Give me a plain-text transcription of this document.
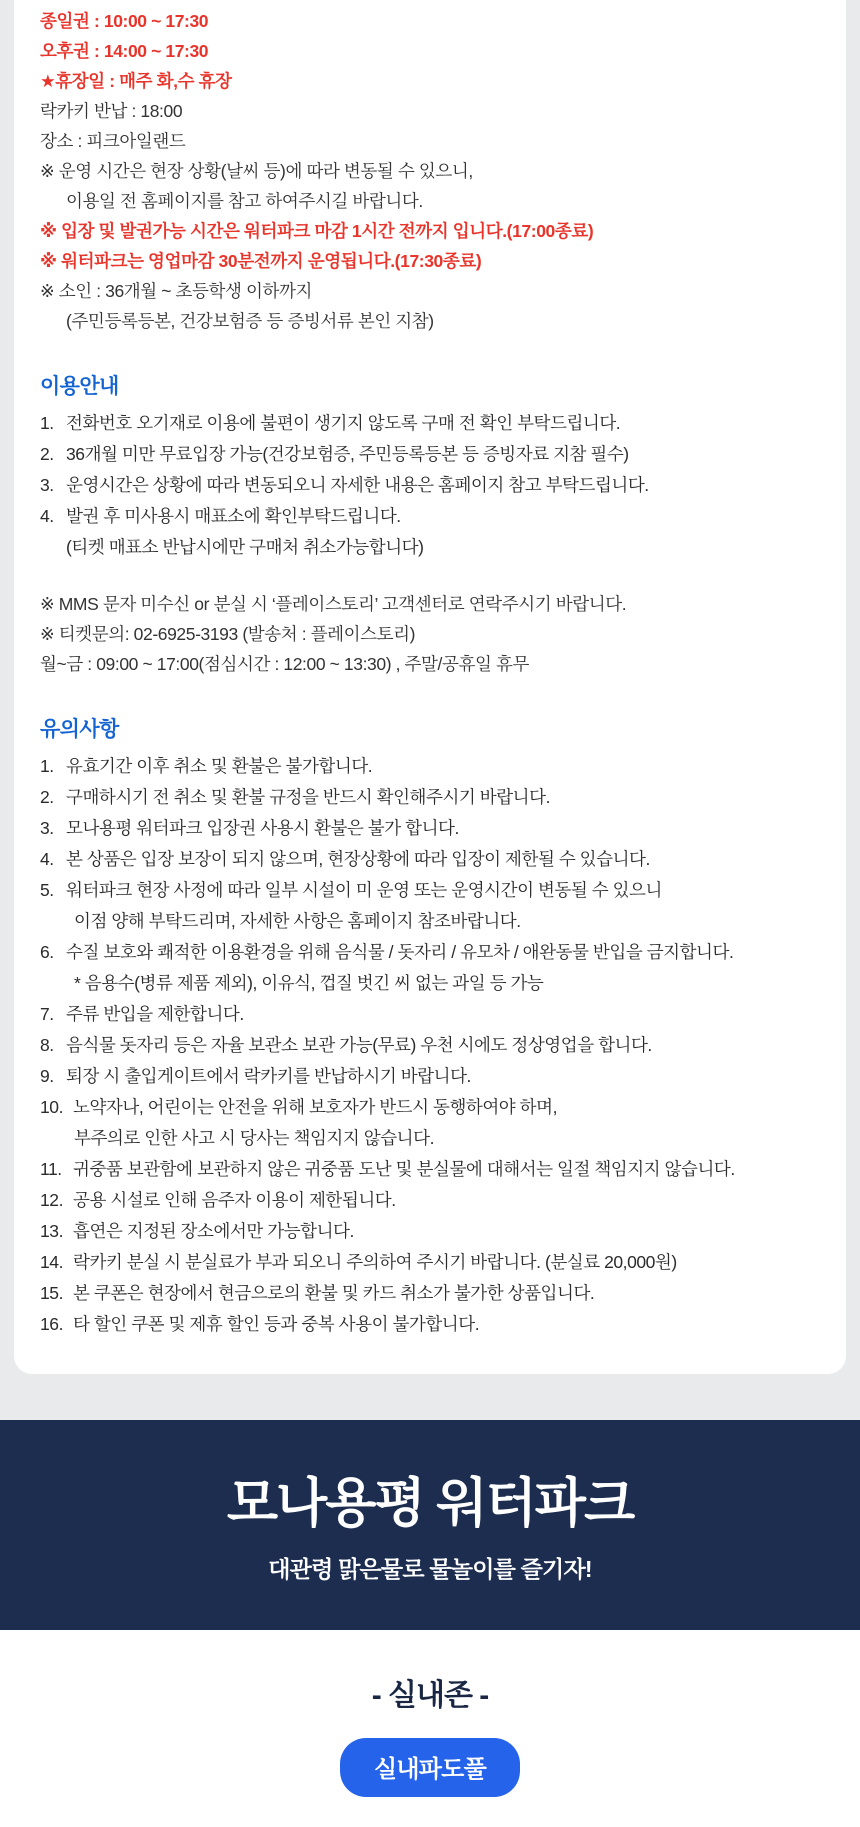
종일권 : 10:00 ~ 17:30
오후권 : 14:00 ~ 17:30
★휴장일 : 매주 화,수 휴장
락카키 반납 : 18:00
장소 : 피크아일랜드
※ 운영 시간은 현장 상황(날씨 등)에 따라 변동될 수 있으니,
이용일 전 홈페이지를 참고 하여주시길 바랍니다.
※ 입장 및 발권가능 시간은 워터파크 마감 1시간 전까지 입니다.(17:00종료)
※ 워터파크는 영업마감 30분전까지 운영됩니다.(17:30종료)
※ 소인 : 36개월 ~ 초등학생 이하까지
(주민등록등본, 건강보험증 등 증빙서류 본인 지참)
이용안내
1. 전화번호 오기재로 이용에 불편이 생기지 않도록 구매 전 확인 부탁드립니다.
2. 36개월 미만 무료입장 가능(건강보험증, 주민등록등본 등 증빙자료 지참 필수)
3. 운영시간은 상황에 따라 변동되오니 자세한 내용은 홈페이지 참고 부탁드립니다.
4. 발권 후 미사용시 매표소에 확인부탁드립니다.
(티켓 매표소 반납시에만 구매처 취소가능합니다)
※ MMS 문자 미수신 or 분실 시 ‘플레이스토리’ 고객센터로 연락주시기 바랍니다.
※ 티켓문의: 02-6925-3193 (발송처 : 플레이스토리)
월~금 : 09:00 ~ 17:00(점심시간 : 12:00 ~ 13:30) , 주말/공휴일 휴무
유의사항
1. 유효기간 이후 취소 및 환불은 불가합니다.
2. 구매하시기 전 취소 및 환불 규정을 반드시 확인해주시기 바랍니다.
3. 모나용평 워터파크 입장권 사용시 환불은 불가 합니다.
4. 본 상품은 입장 보장이 되지 않으며, 현장상황에 따라 입장이 제한될 수 있습니다.
5. 워터파크 현장 사정에 따라 일부 시설이 미 운영 또는 운영시간이 변동될 수 있으니
이점 양해 부탁드리며, 자세한 사항은 홈페이지 참조바랍니다.
6. 수질 보호와 쾌적한 이용환경을 위해 음식물 / 돗자리 / 유모차 / 애완동물 반입을 금지합니다.
* 음용수(병류 제품 제외), 이유식, 껍질 벗긴 씨 없는 과일 등 가능
7. 주류 반입을 제한합니다.
8. 음식물 돗자리 등은 자율 보관소 보관 가능(무료) 우천 시에도 정상영업을 합니다.
9. 퇴장 시 출입게이트에서 락카키를 반납하시기 바랍니다.
10. 노약자나, 어린이는 안전을 위해 보호자가 반드시 동행하여야 하며,
부주의로 인한 사고 시 당사는 책임지지 않습니다.
11. 귀중품 보관함에 보관하지 않은 귀중품 도난 및 분실물에 대해서는 일절 책임지지 않습니다.
12. 공용 시설로 인해 음주자 이용이 제한됩니다.
13. 흡연은 지정된 장소에서만 가능합니다.
14. 락카키 분실 시 분실료가 부과 되오니 주의하여 주시기 바랍니다. (분실료 20,000원)
15. 본 쿠폰은 현장에서 현금으로의 환불 및 카드 취소가 불가한 상품입니다.
16. 타 할인 쿠폰 및 제휴 할인 등과 중복 사용이 불가합니다.
모나용평 워터파크
대관령 맑은물로 물놀이를 즐기자!
- 실내존 -
실내파도풀
